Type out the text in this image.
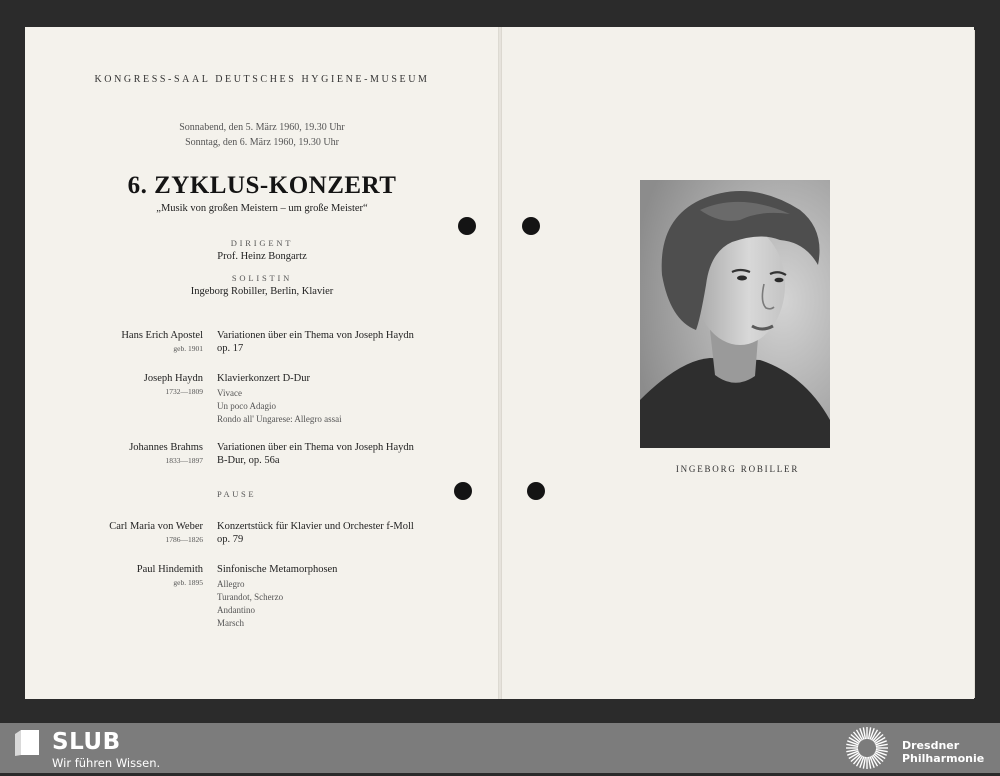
KONGRESS-SAAL DEUTSCHES HYGIENE-MUSEUM
Sonnabend, den 5. März 1960, 19.30 Uhr
Sonntag, den 6. März 1960, 19.30 Uhr
6. ZYKLUS-KONZERT
„Musik von großen Meistern – um große Meister“
DIRIGENT
Prof. Heinz Bongartz
SOLISTIN
Ingeborg Robiller, Berlin, Klavier
Hans Erich Apostel
geb. 1901
Variationen über ein Thema von Joseph Haydn
op. 17
Joseph Haydn
1732—1809
Klavierkonzert D-Dur
Vivace
Un poco Adagio
Rondo all' Ungarese: Allegro assai
Johannes Brahms
1833—1897
Variationen über ein Thema von Joseph Haydn
B-Dur, op. 56a
PAUSE
Carl Maria von Weber
1786—1826
Konzertstück für Klavier und Orchester f-Moll
op. 79
Paul Hindemith
geb. 1895
Sinfonische Metamorphosen
Allegro
Turandot, Scherzo
Andantino
Marsch
INGEBORG ROBILLER
SLUB
Wir führen Wissen.
Dresdner
Philharmonie
